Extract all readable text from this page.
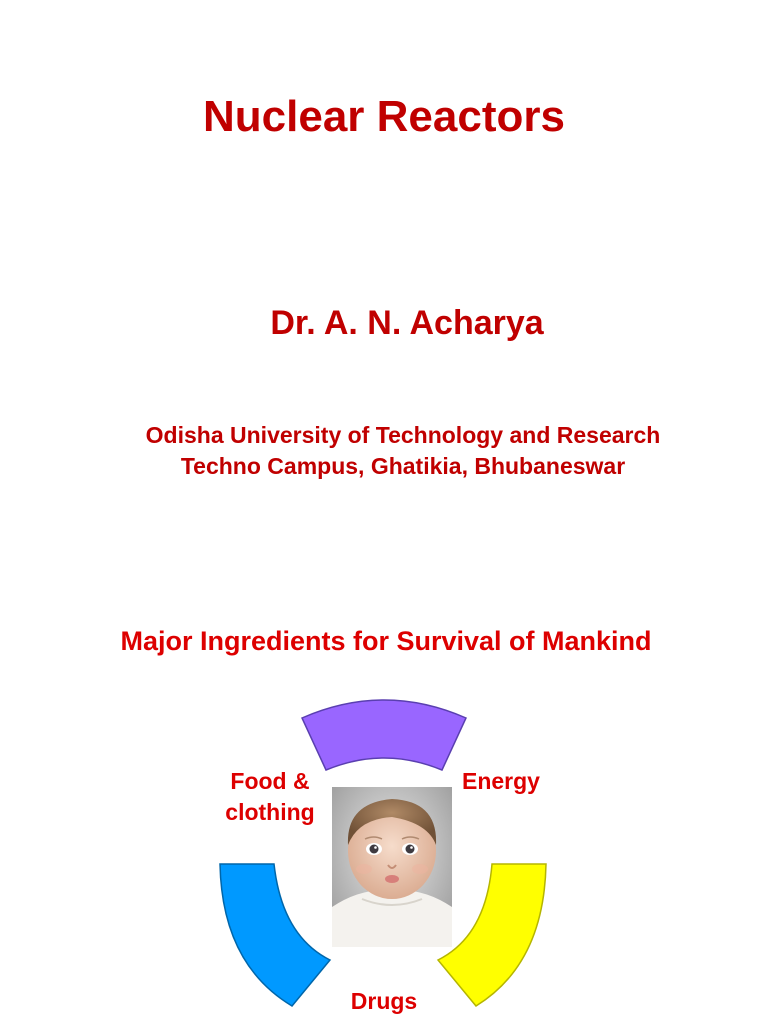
Nuclear Reactors
Dr. A. N. Acharya
Odisha University of Technology and Research
Techno Campus, Ghatikia, Bhubaneswar
Major Ingredients for Survival of Mankind
Food &
clothing
Energy
Drugs
